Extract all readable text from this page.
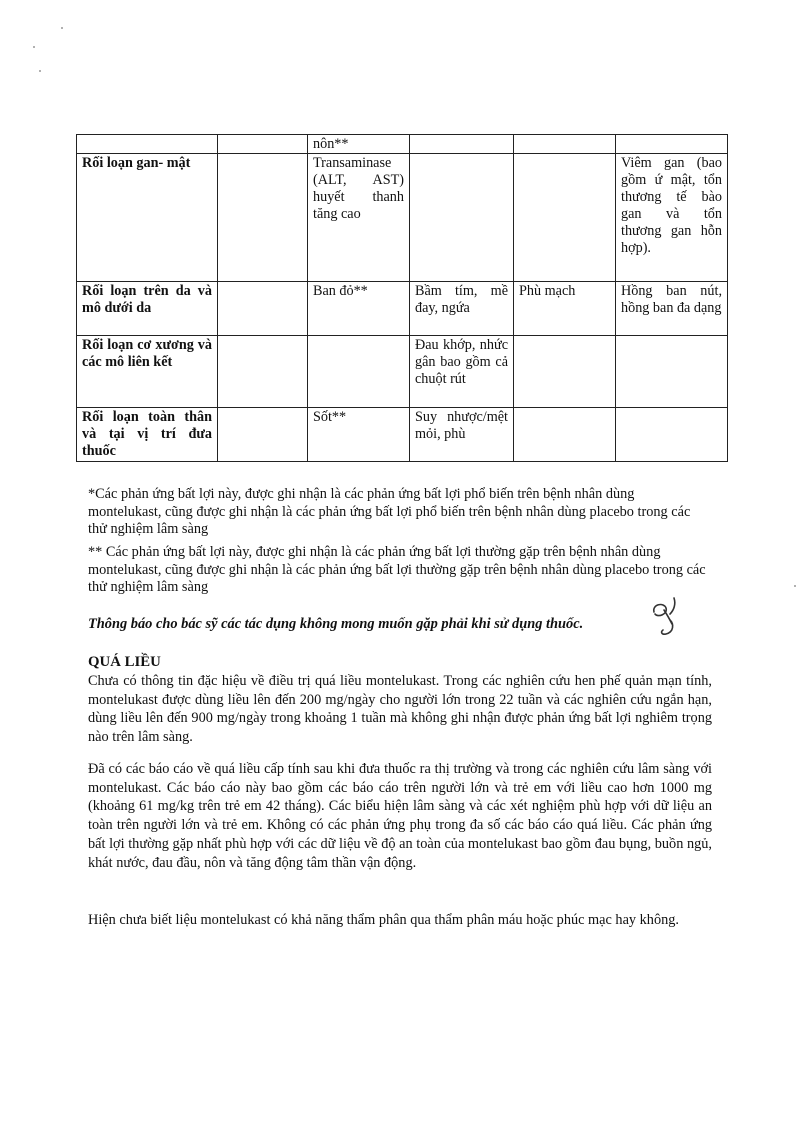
		nôn**			
Rối loạn gan- mật		Transaminase (ALT, AST) huyết thanh tăng cao			Viêm gan (bao gồm ứ mật, tổn thương tế bào gan và tổn thương gan hỗn hợp).
Rối loạn trên da và mô dưới da		Ban đỏ**	Bầm tím, mề đay, ngứa	Phù mạch	Hồng ban nút, hồng ban đa dạng
Rối loạn cơ xương và các mô liên kết			Đau khớp, nhức gân bao gồm cả chuột rút		
Rối loạn toàn thân và tại vị trí đưa thuốc		Sốt**	Suy nhược/mệt mỏi, phù		

*Các phản ứng bất lợi này, được ghi nhận là các phản ứng bất lợi phổ biến trên bệnh nhân dùng montelukast, cũng được ghi nhận là các phản ứng bất lợi phổ biến trên bệnh nhân dùng placebo trong các thử nghiệm lâm sàng

** Các phản ứng bất lợi này, được ghi nhận là các phản ứng bất lợi thường gặp trên bệnh nhân dùng montelukast, cũng được ghi nhận là các phản ứng bất lợi thường gặp trên bệnh nhân dùng placebo trong các thử nghiệm lâm sàng

Thông báo cho bác sỹ các tác dụng không mong muốn gặp phải khi sử dụng thuốc.

QUÁ LIỀU

Chưa có thông tin đặc hiệu về điều trị quá liều montelukast. Trong các nghiên cứu hen phế quản mạn tính, montelukast được dùng liều lên đến 200 mg/ngày cho người lớn trong 22 tuần và các nghiên cứu ngắn hạn, dùng liều lên đến 900 mg/ngày trong khoảng 1 tuần mà không ghi nhận được phản ứng bất lợi nghiêm trọng nào trên lâm sàng.

Đã có các báo cáo về quá liều cấp tính sau khi đưa thuốc ra thị trường và trong các nghiên cứu lâm sàng với montelukast. Các báo cáo này bao gồm các báo cáo trên người lớn và trẻ em với liều cao hơn 1000 mg (khoảng 61 mg/kg trên trẻ em 42 tháng). Các biểu hiện lâm sàng và các xét nghiệm phù hợp với dữ liệu an toàn trên người lớn và trẻ em. Không có các phản ứng phụ trong đa số các báo cáo quá liều. Các phản ứng bất lợi thường gặp nhất phù hợp với các dữ liệu về độ an toàn của montelukast bao gồm đau bụng, buồn ngủ, khát nước, đau đầu, nôn và tăng động tâm thần vận động.

Hiện chưa biết liệu montelukast có khả năng thẩm phân qua thẩm phân máu hoặc phúc mạc hay không.
